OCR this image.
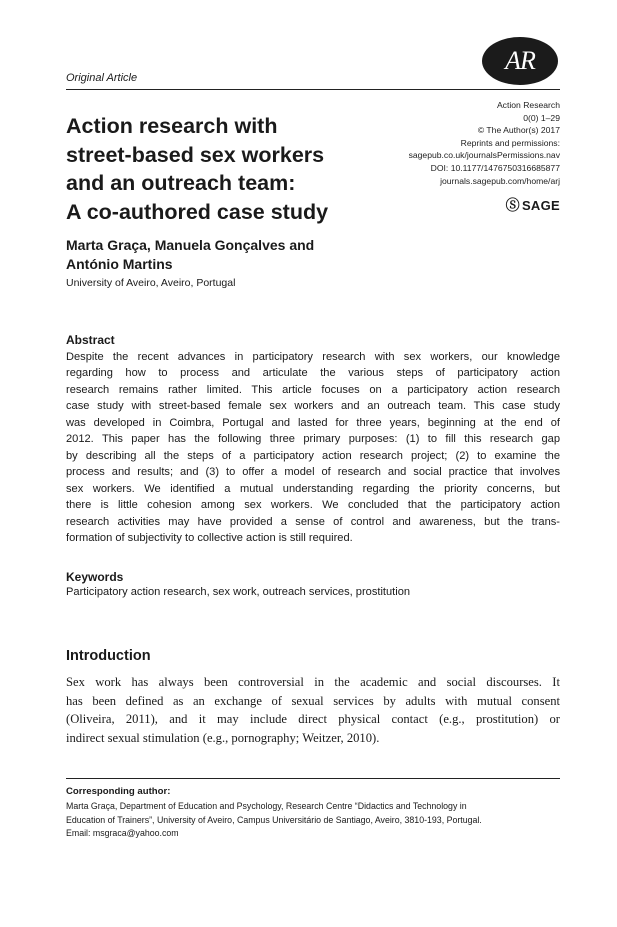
Original Article
AR
Action Research
0(0) 1–29
© The Author(s) 2017
Reprints and permissions:
sagepub.co.uk/journalsPermissions.nav
DOI: 10.1177/1476750316685877
journals.sagepub.com/home/arj
Ⓢ SAGE
Action research with
street-based sex workers
and an outreach team:
A co-authored case study
Marta Graça, Manuela Gonçalves and
António Martins
University of Aveiro, Aveiro, Portugal
Abstract
Despite the recent advances in participatory research with sex workers, our knowledge
regarding how to process and articulate the various steps of participatory action
research remains rather limited. This article focuses on a participatory action research
case study with street-based female sex workers and an outreach team. This case study
was developed in Coimbra, Portugal and lasted for three years, beginning at the end of
2012. This paper has the following three primary purposes: (1) to fill this research gap
by describing all the steps of a participatory action research project; (2) to examine the
process and results; and (3) to offer a model of research and social practice that involves
sex workers. We identified a mutual understanding regarding the priority concerns, but
there is little cohesion among sex workers. We concluded that the participatory action
research activities may have provided a sense of control and awareness, but the trans-
formation of subjectivity to collective action is still required.
Keywords
Participatory action research, sex work, outreach services, prostitution
Introduction
Sex work has always been controversial in the academic and social discourses. It
has been defined as an exchange of sexual services by adults with mutual consent
(Oliveira, 2011), and it may include direct physical contact (e.g., prostitution) or
indirect sexual stimulation (e.g., pornography; Weitzer, 2010).
Corresponding author:
Marta Graça, Department of Education and Psychology, Research Centre “Didactics and Technology in
Education of Trainers”, University of Aveiro, Campus Universitário de Santiago, Aveiro, 3810-193, Portugal.
Email: msgraca@yahoo.com
